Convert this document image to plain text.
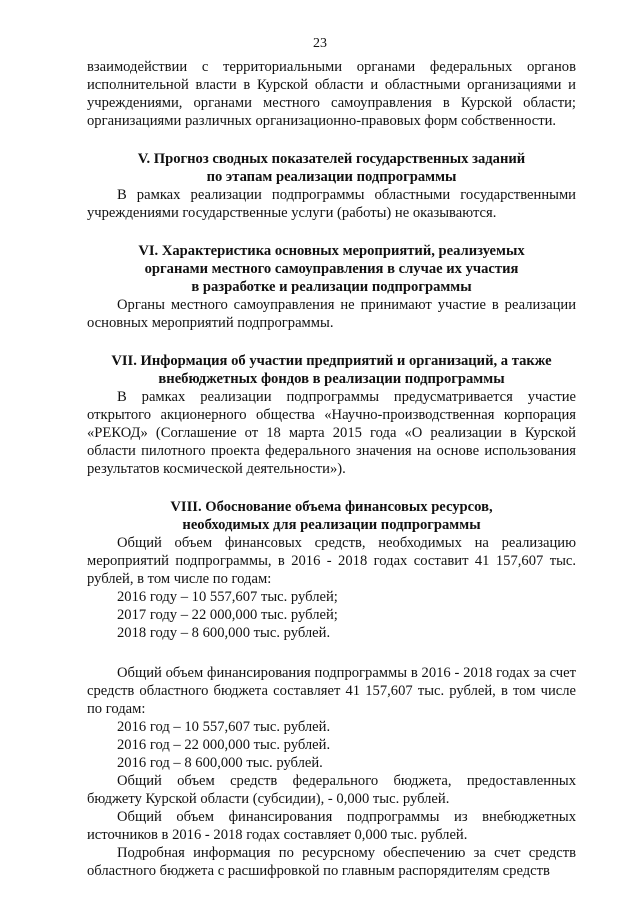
23

взаимодействии с территориальными органами федеральных органов исполнительной власти в Курской области и областными организациями и учреждениями, органами местного самоуправления в Курской области; организациями различных организационно-правовых форм собственности.

V. Прогноз сводных показателей государственных заданий

по этапам реализации подпрограммы

В рамках реализации подпрограммы областными государственными учреждениями государственные услуги (работы) не оказываются.

VI. Характеристика основных мероприятий, реализуемых

органами местного самоуправления в случае их участия

в разработке и реализации подпрограммы

Органы местного самоуправления не принимают участие в реализации основных мероприятий подпрограммы.

VII. Информация об участии предприятий и организаций, а также

внебюджетных фондов в реализации подпрограммы

В рамках реализации подпрограммы предусматривается участие открытого акционерного общества «Научно-производственная корпорация «РЕКОД» (Соглашение от 18 марта 2015 года «О реализации в Курской области пилотного проекта федерального значения на основе использования результатов космической деятельности»).

VIII. Обоснование объема финансовых ресурсов,

необходимых для реализации подпрограммы

Общий объем финансовых средств, необходимых на реализацию мероприятий подпрограммы, в 2016 - 2018 годах составит 41 157,607 тыс. рублей, в том числе по годам:

2016 году – 10 557,607 тыс. рублей;

2017 году – 22 000,000 тыс. рублей;

2018 году – 8 600,000 тыс. рублей.

Общий объем финансирования подпрограммы в 2016 - 2018 годах за счет средств областного бюджета составляет 41 157,607 тыс. рублей, в том числе по годам:

2016 год – 10 557,607 тыс. рублей.

2016 год – 22 000,000 тыс. рублей.

2016 год – 8 600,000 тыс. рублей.

Общий объем средств федерального бюджета, предоставленных бюджету Курской области (субсидии), - 0,000 тыс. рублей.

Общий объем финансирования подпрограммы из внебюджетных источников в 2016 - 2018 годах составляет 0,000 тыс. рублей.

Подробная информация по ресурсному обеспечению за счет средств областного бюджета с расшифровкой по главным распорядителям средств
